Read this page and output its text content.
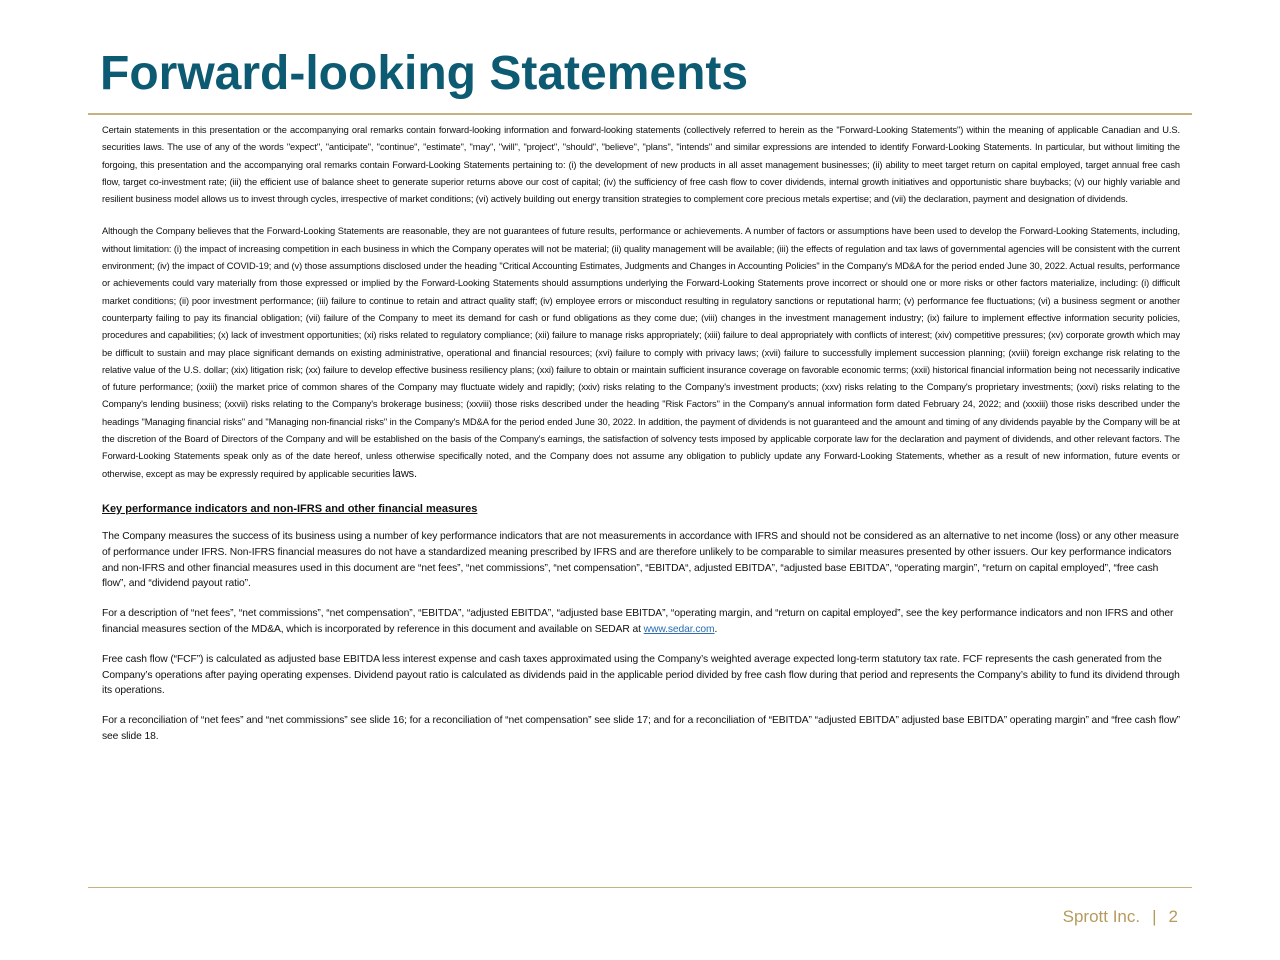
Forward-looking Statements

Certain statements in this presentation or the accompanying oral remarks contain forward-looking information and forward-looking statements (collectively referred to herein as the "Forward-Looking Statements") within the meaning of applicable Canadian and U.S. securities laws. The use of any of the words "expect", "anticipate", "continue", "estimate", "may", "will", "project", "should", "believe", "plans", "intends" and similar expressions are intended to identify Forward-Looking Statements. In particular, but without limiting the forgoing, this presentation and the accompanying oral remarks contain Forward-Looking Statements pertaining to: (i) the development of new products in all asset management businesses; (ii) ability to meet target return on capital employed, target annual free cash flow, target co-investment rate; (iii) the efficient use of balance sheet to generate superior returns above our cost of capital; (iv) the sufficiency of free cash flow to cover dividends, internal growth initiatives and opportunistic share buybacks; (v) our highly variable and resilient business model allows us to invest through cycles, irrespective of market conditions; (vi) actively building out energy transition strategies to complement core precious metals expertise; and (vii) the declaration, payment and designation of dividends.

Although the Company believes that the Forward-Looking Statements are reasonable, they are not guarantees of future results, performance or achievements. A number of factors or assumptions have been used to develop the Forward-Looking Statements, including, without limitation: (i) the impact of increasing competition in each business in which the Company operates will not be material; (ii) quality management will be available; (iii) the effects of regulation and tax laws of governmental agencies will be consistent with the current environment; (iv) the impact of COVID-19; and (v) those assumptions disclosed under the heading "Critical Accounting Estimates, Judgments and Changes in Accounting Policies" in the Company's MD&A for the period ended June 30, 2022. Actual results, performance or achievements could vary materially from those expressed or implied by the Forward-Looking Statements should assumptions underlying the Forward-Looking Statements prove incorrect or should one or more risks or other factors materialize, including: (i) difficult market conditions; (ii) poor investment performance; (iii) failure to continue to retain and attract quality staff; (iv) employee errors or misconduct resulting in regulatory sanctions or reputational harm; (v) performance fee fluctuations; (vi) a business segment or another counterparty failing to pay its financial obligation; (vii) failure of the Company to meet its demand for cash or fund obligations as they come due; (viii) changes in the investment management industry; (ix) failure to implement effective information security policies, procedures and capabilities; (x) lack of investment opportunities; (xi) risks related to regulatory compliance; (xii) failure to manage risks appropriately; (xiii) failure to deal appropriately with conflicts of interest; (xiv) competitive pressures; (xv) corporate growth which may be difficult to sustain and may place significant demands on existing administrative, operational and financial resources; (xvi) failure to comply with privacy laws; (xvii) failure to successfully implement succession planning; (xviii) foreign exchange risk relating to the relative value of the U.S. dollar; (xix) litigation risk; (xx) failure to develop effective business resiliency plans; (xxi) failure to obtain or maintain sufficient insurance coverage on favorable economic terms; (xxii) historical financial information being not necessarily indicative of future performance; (xxiii) the market price of common shares of the Company may fluctuate widely and rapidly; (xxiv) risks relating to the Company's investment products; (xxv) risks relating to the Company's proprietary investments; (xxvi) risks relating to the Company's lending business; (xxvii) risks relating to the Company's brokerage business; (xxviii) those risks described under the heading "Risk Factors" in the Company's annual information form dated February 24, 2022; and (xxxiii) those risks described under the headings "Managing financial risks" and "Managing non-financial risks" in the Company's MD&A for the period ended June 30, 2022. In addition, the payment of dividends is not guaranteed and the amount and timing of any dividends payable by the Company will be at the discretion of the Board of Directors of the Company and will be established on the basis of the Company's earnings, the satisfaction of solvency tests imposed by applicable corporate law for the declaration and payment of dividends, and other relevant factors. The Forward-Looking Statements speak only as of the date hereof, unless otherwise specifically noted, and the Company does not assume any obligation to publicly update any Forward-Looking Statements, whether as a result of new information, future events or otherwise, except as may be expressly required by applicable securities laws.

Key performance indicators and non-IFRS and other financial measures

The Company measures the success of its business using a number of key performance indicators that are not measurements in accordance with IFRS and should not be considered as an alternative to net income (loss) or any other measure of performance under IFRS. Non-IFRS financial measures do not have a standardized meaning prescribed by IFRS and are therefore unlikely to be comparable to similar measures presented by other issuers. Our key performance indicators and non-IFRS and other financial measures used in this document are “net fees”, “net commissions”, “net compensation”, “EBITDA“, adjusted EBITDA”, “adjusted base EBITDA”, “operating margin”, “return on capital employed”, “free cash flow”, and “dividend payout ratio”.

For a description of “net fees”, “net commissions”, “net compensation”, “EBITDA”, “adjusted EBITDA”, “adjusted base EBITDA”, “operating margin, and “return on capital employed”, see the key performance indicators and non IFRS and other financial measures section of the MD&A, which is incorporated by reference in this document and available on SEDAR at www.sedar.com.

Free cash flow (“FCF”) is calculated as adjusted base EBITDA less interest expense and cash taxes approximated using the Company’s weighted average expected long-term statutory tax rate. FCF represents the cash generated from the Company’s operations after paying operating expenses. Dividend payout ratio is calculated as dividends paid in the applicable period divided by free cash flow during that period and represents the Company’s ability to fund its dividend through its operations.

For a reconciliation of “net fees” and “net commissions” see slide 16; for a reconciliation of “net compensation” see slide 17; and for a reconciliation of “EBITDA” “adjusted EBITDA” adjusted base EBITDA” operating margin” and “free cash flow” see slide 18.

Sprott Inc. | 2
